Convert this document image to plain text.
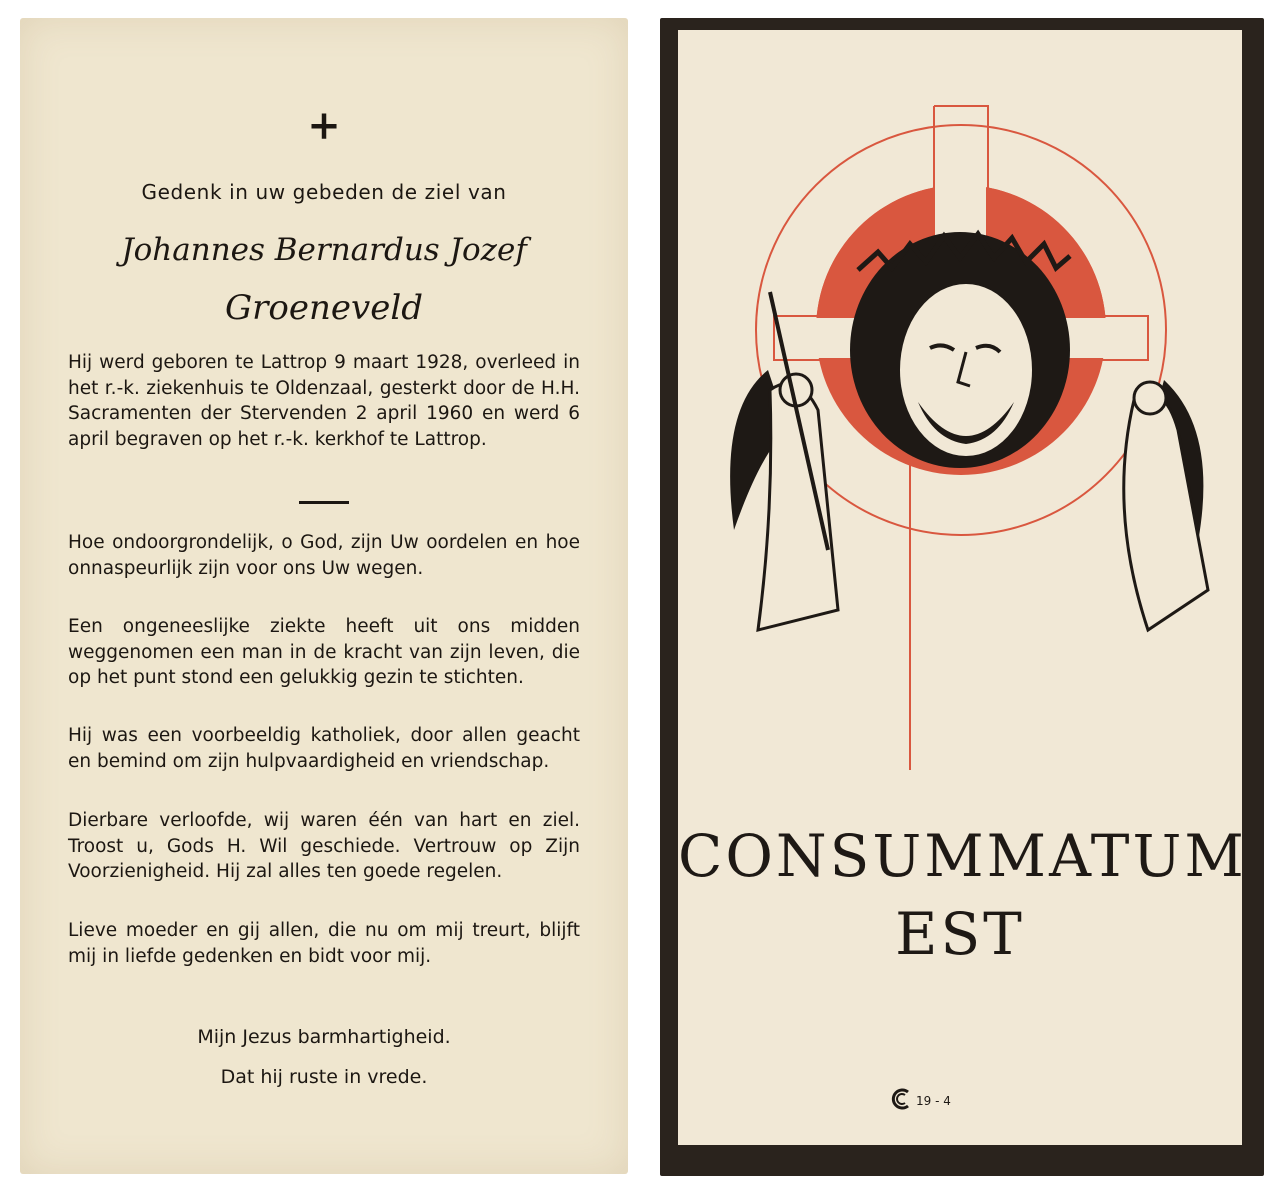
+
Gedenk in uw gebeden de ziel van
Johannes Bernardus Jozef
Groeneveld

Hij werd geboren te Lattrop 9 maart 1928, overleed in het r.-k. ziekenhuis te Oldenzaal, gesterkt door de H.H. Sacramenten der Stervenden 2 april 1960 en werd 6 april begraven op het r.-k. kerkhof te Lattrop.

Hoe ondoorgrondelijk, o God, zijn Uw oordelen en hoe onnaspeurlijk zijn voor ons Uw wegen.

Een ongeneeslijke ziekte heeft uit ons midden weggenomen een man in de kracht van zijn leven, die op het punt stond een gelukkig gezin te stichten.

Hij was een voorbeeldig katholiek, door allen geacht en bemind om zijn hulpvaardigheid en vriendschap.

Dierbare verloofde, wij waren één van hart en ziel. Troost u, Gods H. Wil geschiede. Vertrouw op Zijn Voorzienigheid. Hij zal alles ten goede regelen.

Lieve moeder en gij allen, die nu om mij treurt, blijft mij in liefde gedenken en bidt voor mij.

Mijn Jezus barmhartigheid.
Dat hij ruste in vrede.
CONSUMMATUM
EST
19 - 4
